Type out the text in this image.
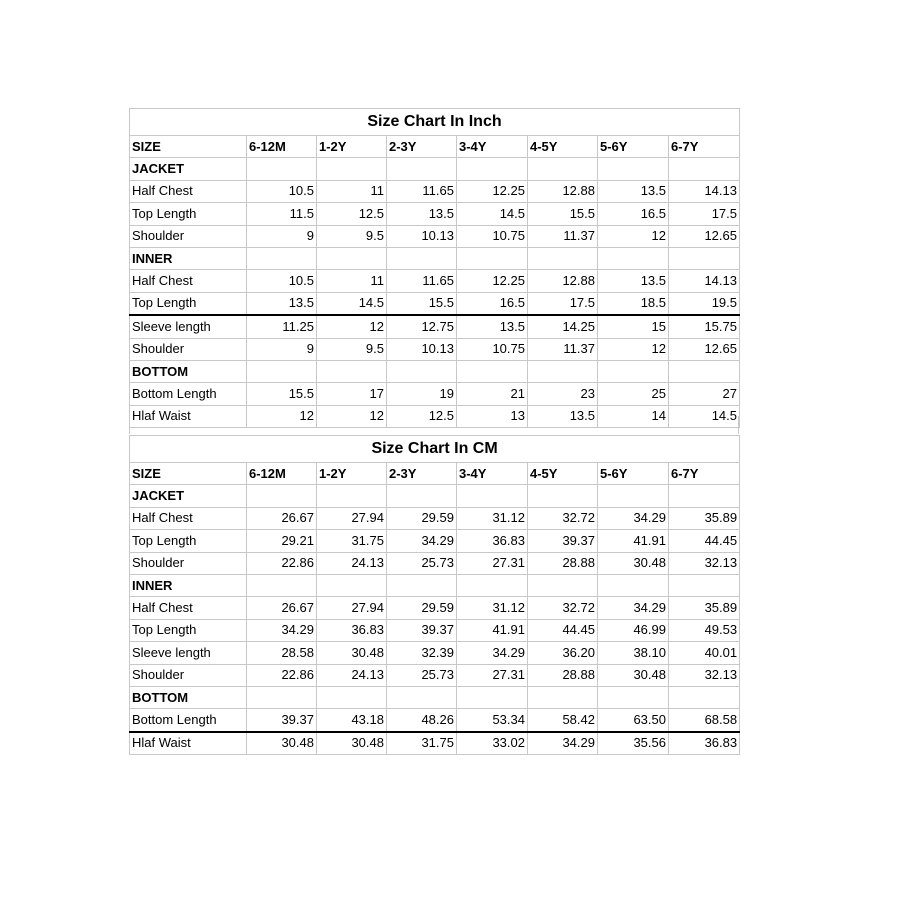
Size Chart In Inch							
SIZE	6-12M	1-2Y	2-3Y	3-4Y	4-5Y	5-6Y	6-7Y
JACKET							
Half Chest	10.5	11	11.65	12.25	12.88	13.5	14.13
Top Length	11.5	12.5	13.5	14.5	15.5	16.5	17.5
Shoulder	9	9.5	10.13	10.75	11.37	12	12.65
INNER							
Half Chest	10.5	11	11.65	12.25	12.88	13.5	14.13
Top Length	13.5	14.5	15.5	16.5	17.5	18.5	19.5
Sleeve length	11.25	12	12.75	13.5	14.25	15	15.75
Shoulder	9	9.5	10.13	10.75	11.37	12	12.65
BOTTOM							
Bottom Length	15.5	17	19	21	23	25	27
Hlaf Waist	12	12	12.5	13	13.5	14	14.5
Size Chart In CM							
SIZE	6-12M	1-2Y	2-3Y	3-4Y	4-5Y	5-6Y	6-7Y
JACKET							
Half Chest	26.67	27.94	29.59	31.12	32.72	34.29	35.89
Top Length	29.21	31.75	34.29	36.83	39.37	41.91	44.45
Shoulder	22.86	24.13	25.73	27.31	28.88	30.48	32.13
INNER							
Half Chest	26.67	27.94	29.59	31.12	32.72	34.29	35.89
Top Length	34.29	36.83	39.37	41.91	44.45	46.99	49.53
Sleeve length	28.58	30.48	32.39	34.29	36.20	38.10	40.01
Shoulder	22.86	24.13	25.73	27.31	28.88	30.48	32.13
BOTTOM							
Bottom Length	39.37	43.18	48.26	53.34	58.42	63.50	68.58
Hlaf Waist	30.48	30.48	31.75	33.02	34.29	35.56	36.83
